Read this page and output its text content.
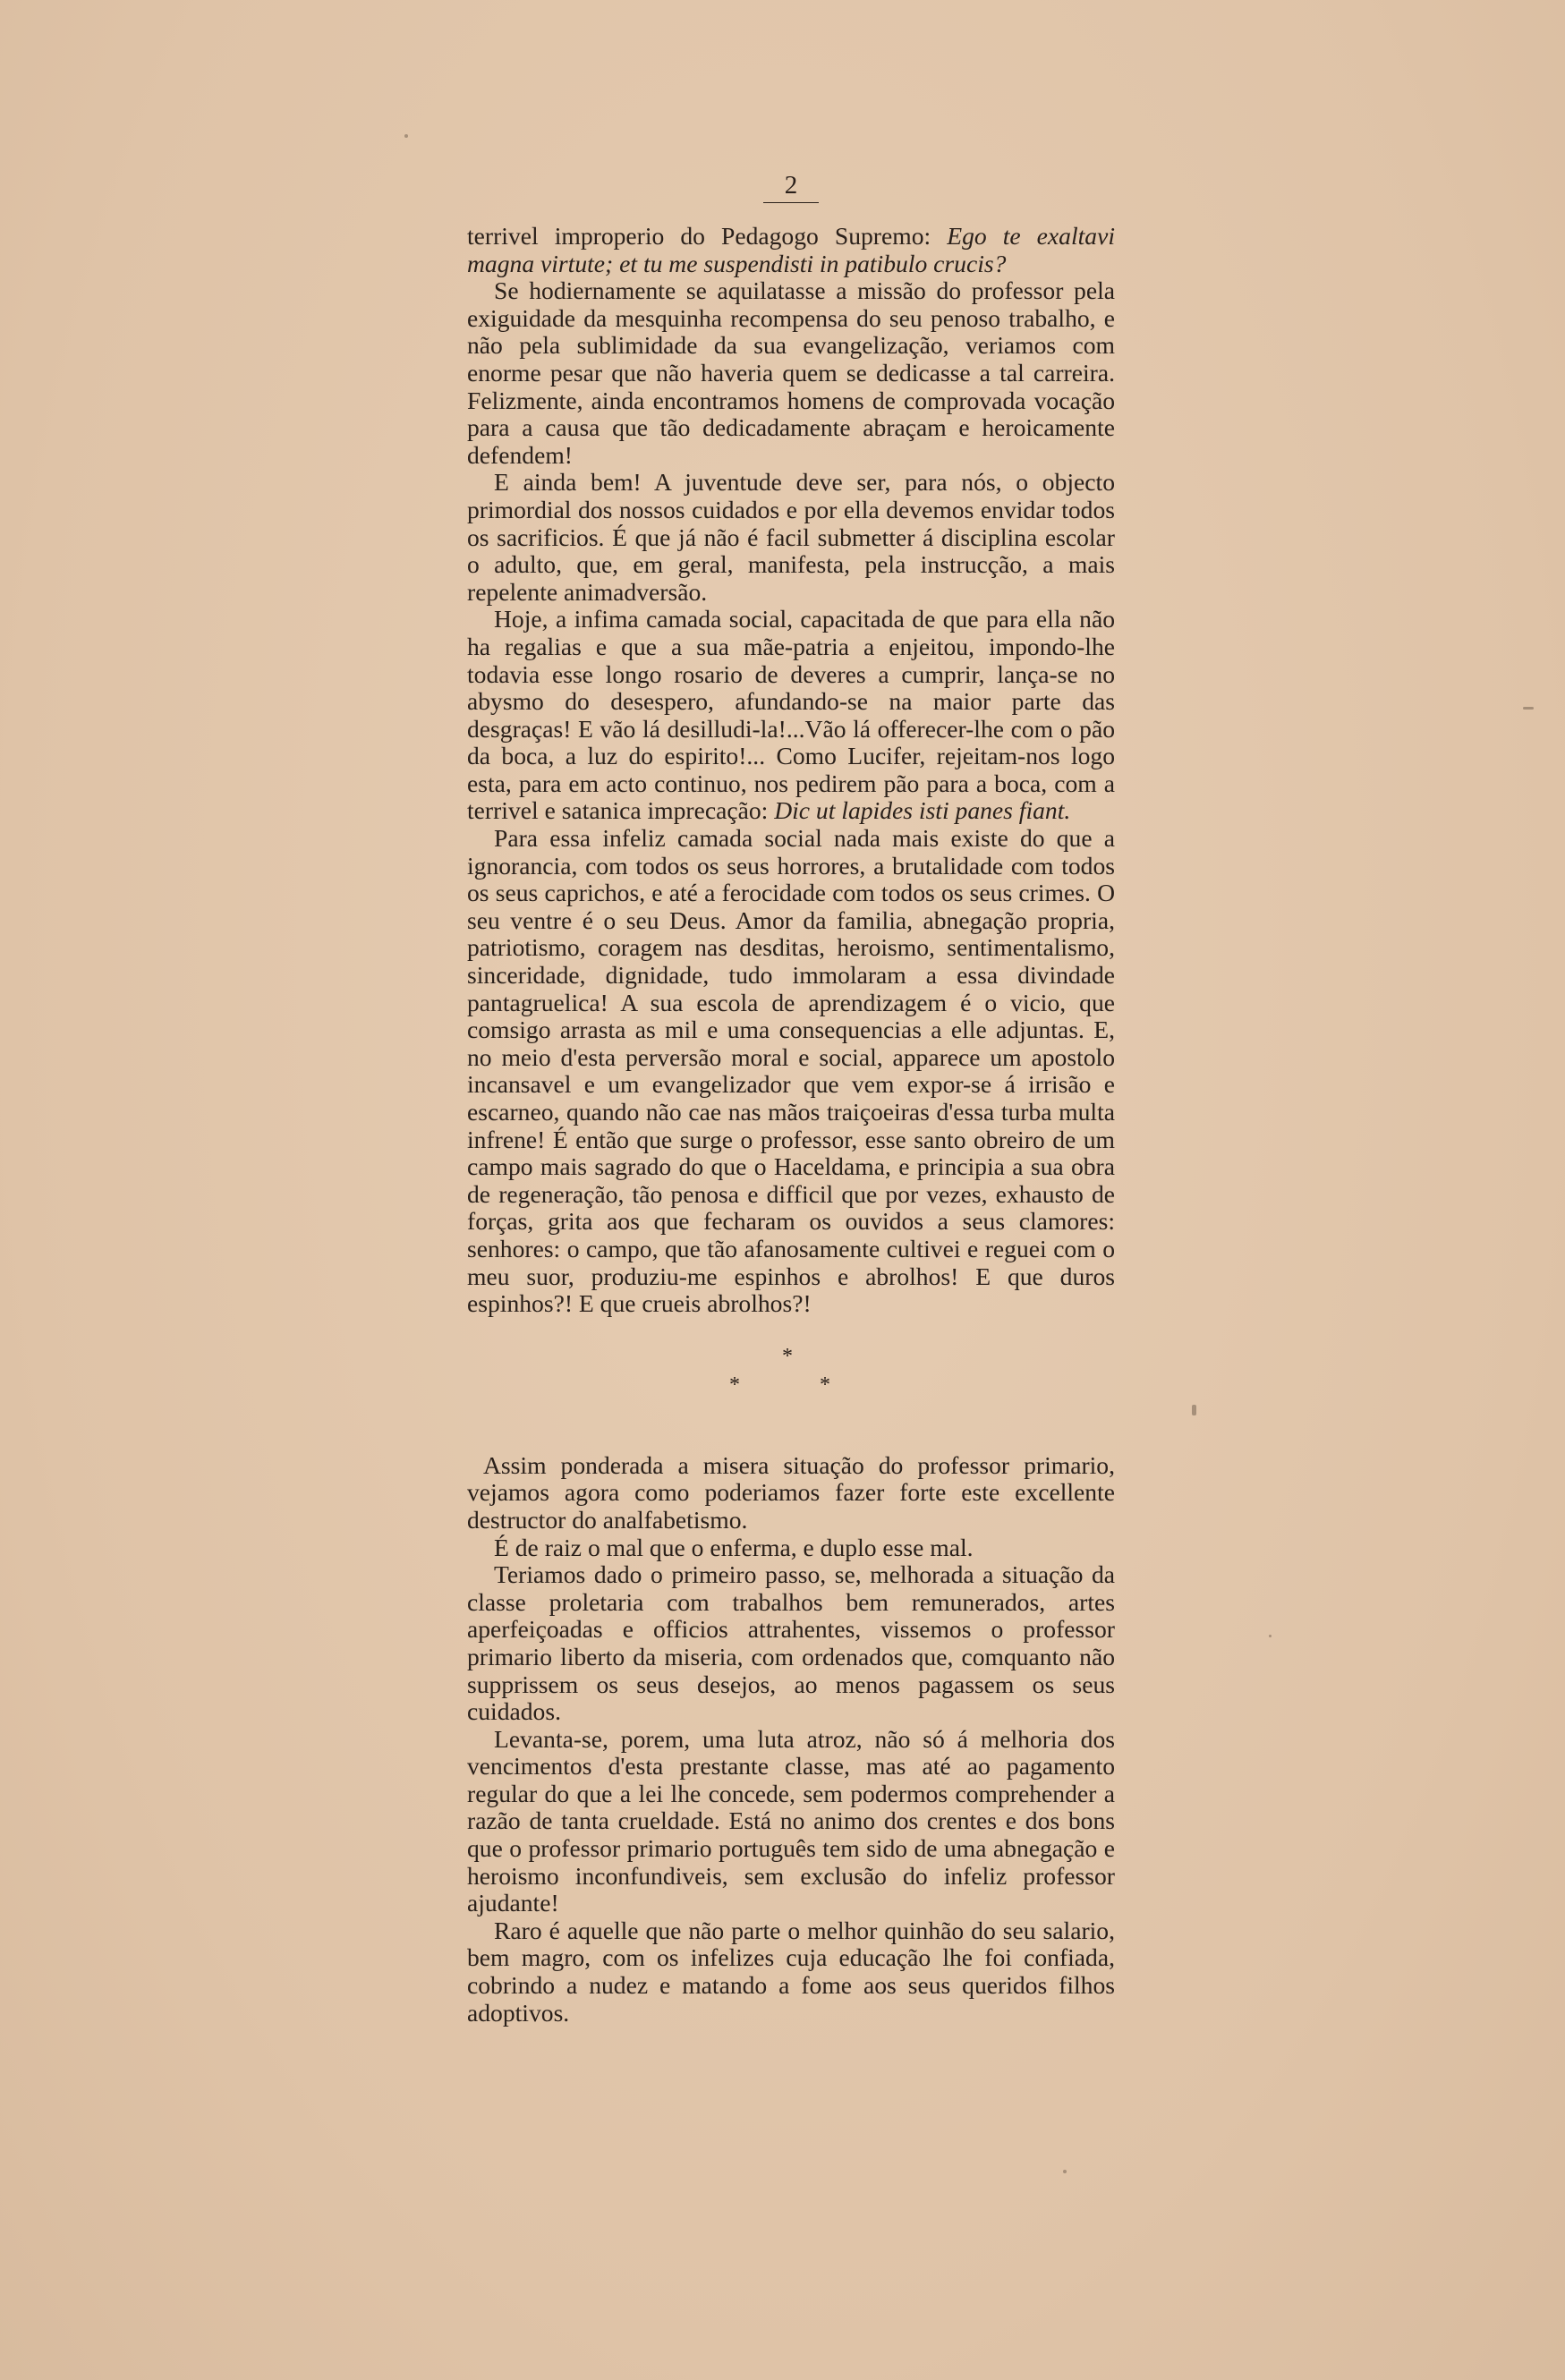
2

terrivel improperio do Pedagogo Supremo: Ego te exaltavi magna virtute; et tu me suspendisti in patibulo crucis?

Se hodiernamente se aquilatasse a missão do professor pela exiguidade da mesquinha recompensa do seu penoso trabalho, e não pela sublimidade da sua evangelização, veriamos com enorme pesar que não haveria quem se dedicasse a tal carreira. Felizmente, ainda encontramos homens de comprovada vocação para a causa que tão dedicadamente abraçam e heroicamente defendem!

E ainda bem! A juventude deve ser, para nós, o objecto primordial dos nossos cuidados e por ella devemos envidar todos os sacrificios. É que já não é facil submetter á disciplina escolar o adulto, que, em geral, manifesta, pela instrucção, a mais repelente animadversão.

Hoje, a infima camada social, capacitada de que para ella não ha regalias e que a sua mãe-patria a enjeitou, impondo-lhe todavia esse longo rosario de deveres a cumprir, lança-se no abysmo do desespero, afundando-se na maior parte das desgraças! E vão lá desilludi-la!...Vão lá offerecer-lhe com o pão da boca, a luz do espirito!... Como Lucifer, rejeitam-nos logo esta, para em acto continuo, nos pedirem pão para a boca, com a terrivel e satanica imprecação: Dic ut lapides isti panes fiant.

Para essa infeliz camada social nada mais existe do que a ignorancia, com todos os seus horrores, a brutalidade com todos os seus caprichos, e até a ferocidade com todos os seus crimes. O seu ventre é o seu Deus. Amor da familia, abnegação propria, patriotismo, coragem nas desditas, heroismo, sentimentalismo, sinceridade, dignidade, tudo immolaram a essa divindade pantagruelica! A sua escola de aprendizagem é o vicio, que comsigo arrasta as mil e uma consequencias a elle adjuntas. E, no meio d'esta perversão moral e social, apparece um apostolo incansavel e um evangelizador que vem expor-se á irrisão e escarneo, quando não cae nas mãos traiçoeiras d'essa turba multa infrene! É então que surge o professor, esse santo obreiro de um campo mais sagrado do que o Haceldama, e principia a sua obra de regeneração, tão penosa e difficil que por vezes, exhausto de forças, grita aos que fecharam os ouvidos a seus clamores: senhores: o campo, que tão afanosamente cultivei e reguei com o meu suor, produziu-me espinhos e abrolhos! E que duros espinhos?! E que crueis abrolhos?!

*
*	*

Assim ponderada a misera situação do professor primario, vejamos agora como poderiamos fazer forte este excellente destructor do analfabetismo.

É de raiz o mal que o enferma, e duplo esse mal.

Teriamos dado o primeiro passo, se, melhorada a situação da classe proletaria com trabalhos bem remunerados, artes aperfeiçoadas e officios attrahentes, vissemos o professor primario liberto da miseria, com ordenados que, comquanto não supprissem os seus desejos, ao menos pagassem os seus cuidados.

Levanta-se, porem, uma luta atroz, não só á melhoria dos vencimentos d'esta prestante classe, mas até ao pagamento regular do que a lei lhe concede, sem podermos comprehender a razão de tanta crueldade. Está no animo dos crentes e dos bons que o professor primario português tem sido de uma abnegação e heroismo inconfundiveis, sem exclusão do infeliz professor ajudante!

Raro é aquelle que não parte o melhor quinhão do seu salario, bem magro, com os infelizes cuja educação lhe foi confiada, cobrindo a nudez e matando a fome aos seus queridos filhos adoptivos.
